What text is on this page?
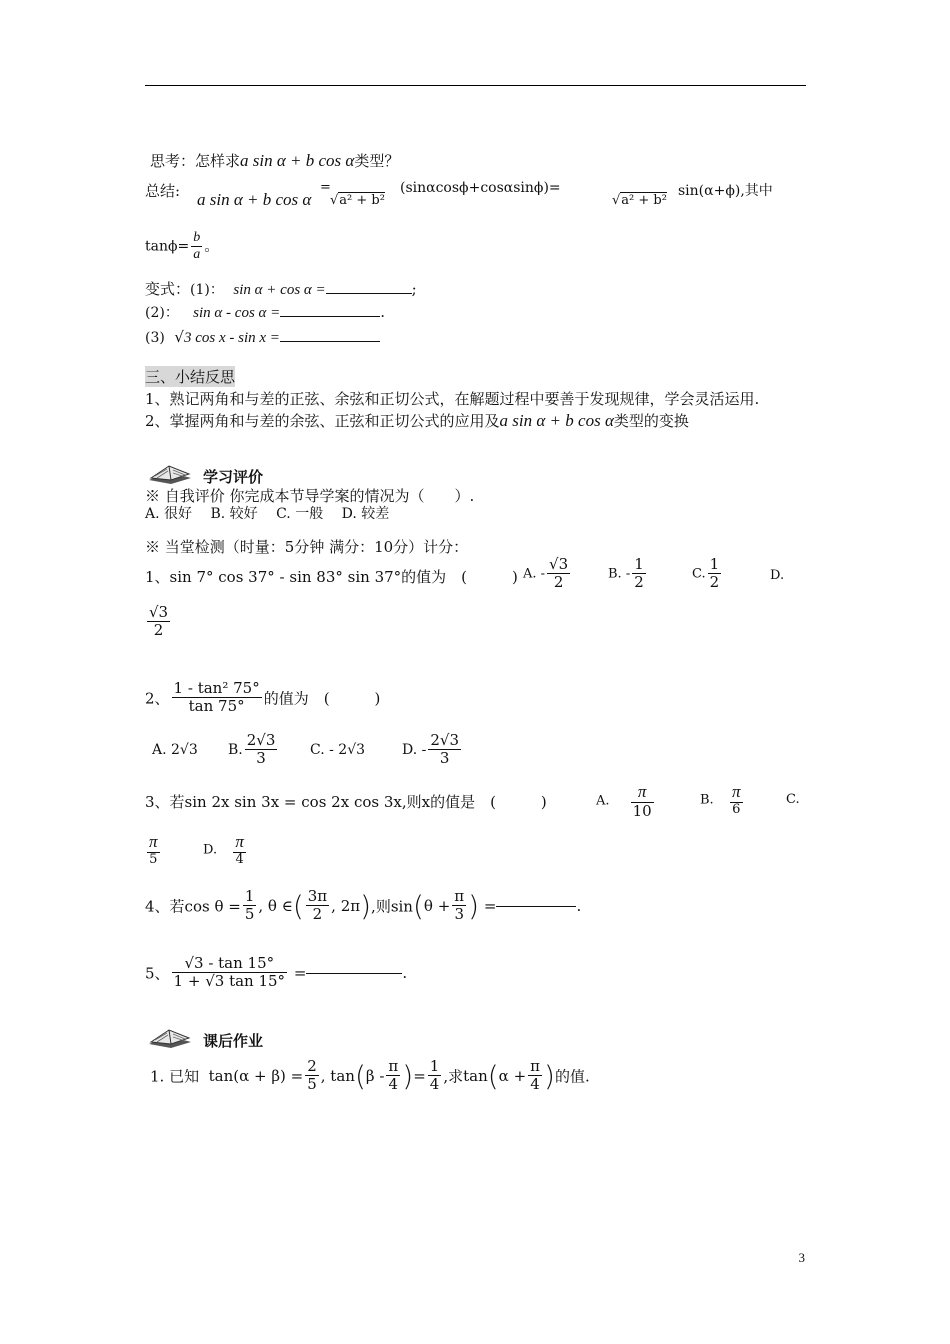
思考：怎样求a sin α + b cos α类型？
总结: a sin α + b cos α
=
√a² + b²
(sinαcosϕ+cosαsinϕ)=
√a² + b²
sin(α+ϕ),其中
$\tan\phi= \frac{b}{a}$ 。
变式：(1)： sin α + cos α =	;
(2)： sin α - cos α =	.
(3) √3 cos x - sin x =
三、小结反思
1、熟记两角和与差的正弦、余弦和正切公式，在解题过程中要善于发现规律，学会灵活运用.
2、掌握两角和与差的余弦、正弦和正切公式的应用及a sin α + b cos α类型的变换
学习评价
※ 自我评价 你完成本节导学案的情况为（　　）.
A. 很好　 B. 较好　 C. 一般　 D. 较差
※ 当堂检测（时量：5分钟 满分：10分）计分：
1、sin 7° cos 37° - sin 83° sin 37°的值为　(　　　) A. - $\frac{√3}{2}$	B. - $\frac{1}{2}$	C. $\frac{1}{2}$	D.
$\frac{√3}{2}$
2、 $\frac{\text{1 - tan² 75°}}{\tan 75^\circ}$ 的值为　(　　　)
A. 2√3 B. $\frac{2√3}{3} C$. - 2√3	D. - $\frac{2√3}{3}$
3、若sin 2x sin 3x = cos 2x cos 3x,则x的值是　(　　　)	A. $\frac{\pi}{10}$	B. $\frac{\pi}{6}$	C.
$\frac{\pi}{5}$	D. $\frac{\pi}{4}$
4、若$\cos \theta = \frac{1}{5}$ , θ ∈( $\frac{3\pi}{2}$ , 2π),则$\sin(\theta + \frac{\pi}{3}$ ) =	.
5、 $\frac{√3 - \tan 15^\circ}{1 + √3 \tan 15^\circ}$ =	.
课后作业
1. 已知 $\tan(\alpha + \beta) = \frac{2}{5}$ , $\tan(\beta - \frac{\pi}{4}$ )= $\frac{1}{4}$ ,求$\tan(\alpha + \frac{\pi}{4}$ )的值.
3
